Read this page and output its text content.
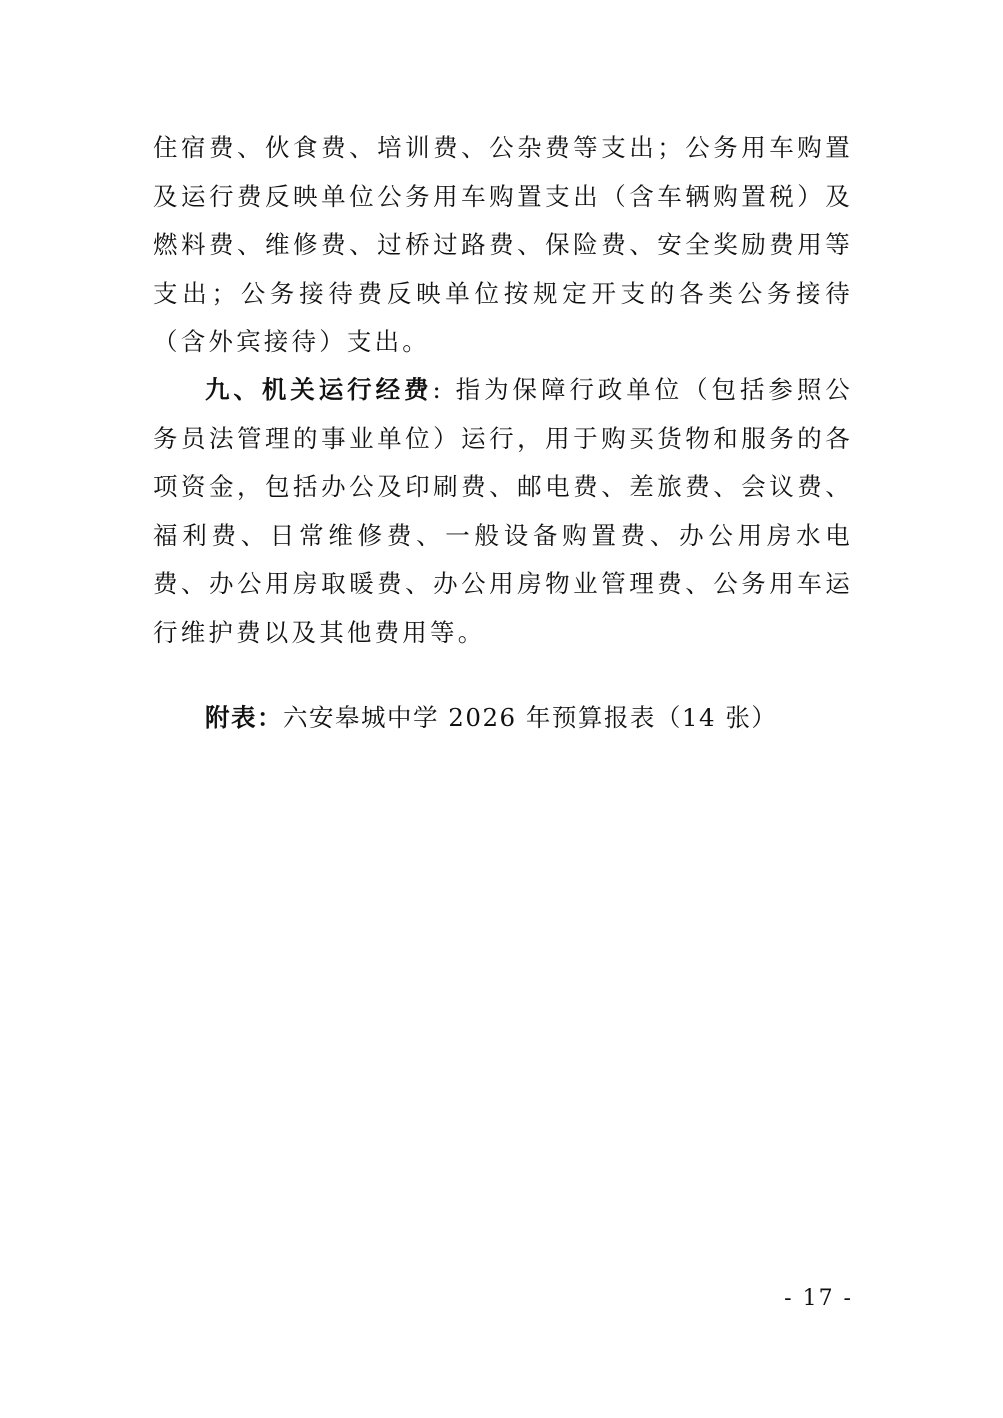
住宿费、伙食费、培训费、公杂费等支出；公务用车购置及运行费反映单位公务用车购置支出（含车辆购置税）及燃料费、维修费、过桥过路费、保险费、安全奖励费用等支出；公务接待费反映单位按规定开支的各类公务接待（含外宾接待）支出。

九、机关运行经费: 指为保障行政单位（包括参照公务员法管理的事业单位）运行，用于购买货物和服务的各项资金，包括办公及印刷费、邮电费、差旅费、会议费、福利费、日常维修费、一般设备购置费、办公用房水电费、办公用房取暖费、办公用房物业管理费、公务用车运行维护费以及其他费用等。

附表：六安皋城中学 2026 年预算报表（14 张）
- 17 -
